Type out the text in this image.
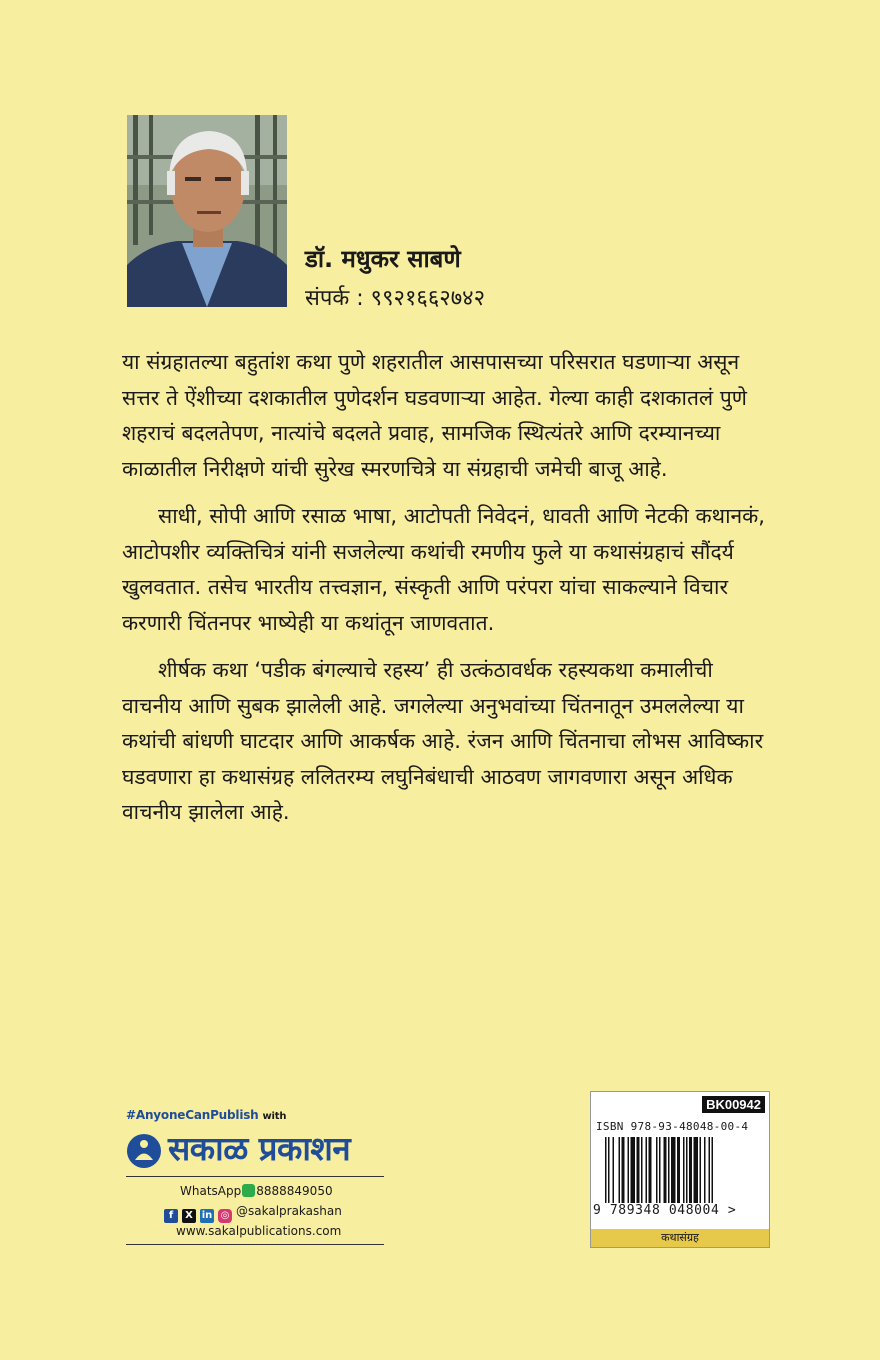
डॉ. मधुकर साबणे
संपर्क : ९९२१६६२७४२

या संग्रहातल्या बहुतांश कथा पुणे शहरातील आसपासच्या परिसरात घडणाऱ्या असून सत्तर ते ऐंशीच्या दशकातील पुणेदर्शन घडवणाऱ्या आहेत. गेल्या काही दशकातलं पुणे शहराचं बदलतेपण, नात्यांचे बदलते प्रवाह, सामजिक स्थित्यंतरे आणि दरम्यानच्या काळातील निरीक्षणे यांची सुरेख स्मरणचित्रे या संग्रहाची जमेची बाजू आहे.

साधी, सोपी आणि रसाळ भाषा, आटोपती निवेदनं, धावती आणि नेटकी कथानकं, आटोपशीर व्यक्तिचित्रं यांनी सजलेल्या कथांची रमणीय फुले या कथासंग्रहाचं सौंदर्य खुलवतात. तसेच भारतीय तत्त्वज्ञान, संस्कृती आणि परंपरा यांचा साकल्याने विचार करणारी चिंतनपर भाष्येही या कथांतून जाणवतात.

शीर्षक कथा ‘पडीक बंगल्याचे रहस्य’ ही उत्कंठावर्धक रहस्यकथा कमालीची वाचनीय आणि सुबक झालेली आहे. जगलेल्या अनुभवांच्या चिंतनातून उमललेल्या या कथांची बांधणी घाटदार आणि आकर्षक आहे. रंजन आणि चिंतनाचा लोभस आविष्कार घडवणारा हा कथासंग्रह ललितरम्य लघुनिबंधाची आठवण जागवणारा असून अधिक वाचनीय झालेला आहे.

#AnyoneCanPublish with
सकाळ प्रकाशन
WhatsApp 8888849050
f X in ◎ @sakalprakashan
www.sakalpublications.com
BK00942
ISBN 978-93-48048-00-4
9 789348 048004 >
कथासंग्रह
